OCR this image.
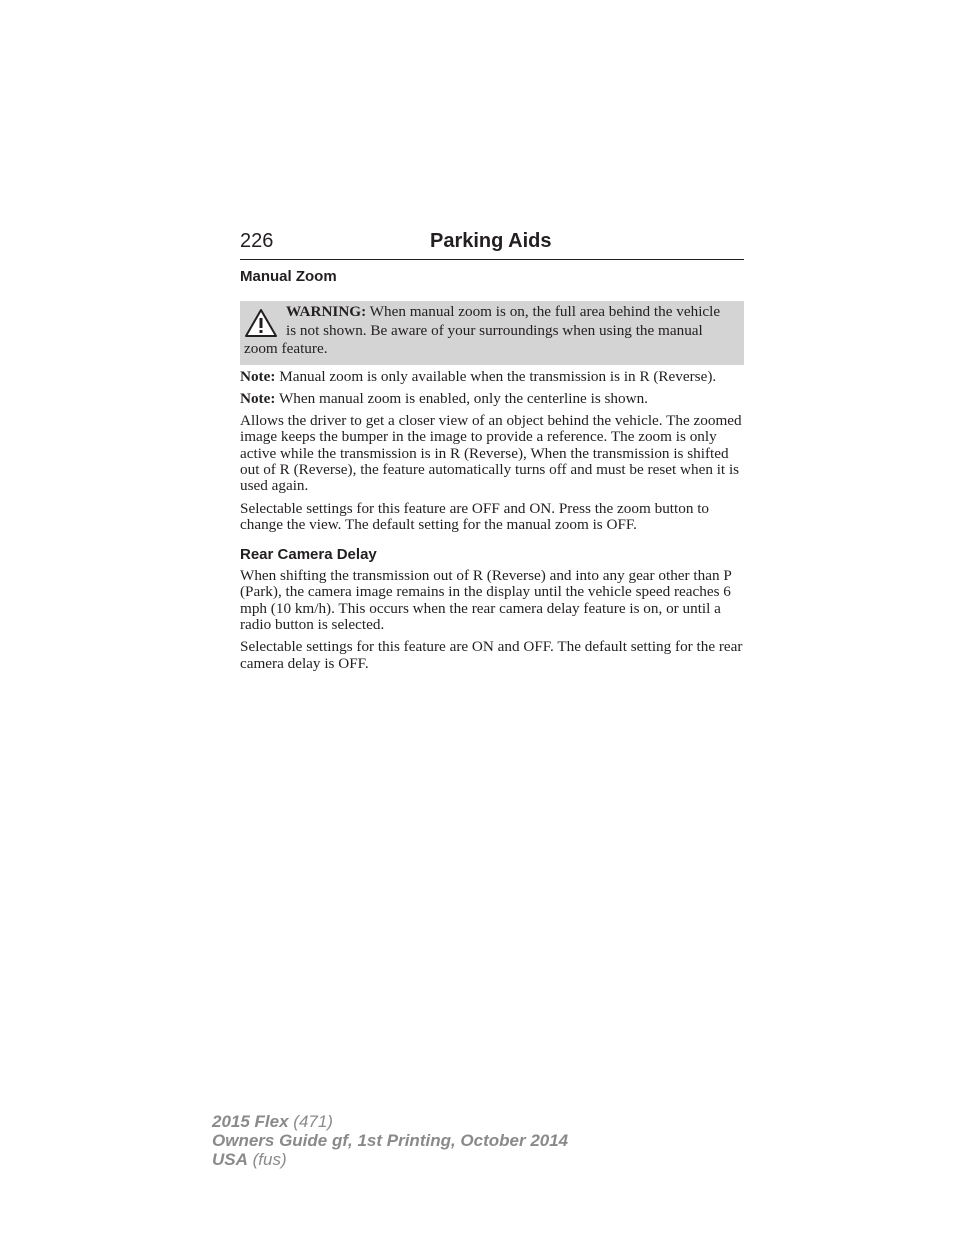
226	Parking Aids
Manual Zoom
WARNING: When manual zoom is on, the full area behind the vehicle is not shown. Be aware of your surroundings when using the manual zoom feature.

Note: Manual zoom is only available when the transmission is in R (Reverse).

Note: When manual zoom is enabled, only the centerline is shown.

Allows the driver to get a closer view of an object behind the vehicle. The zoomed image keeps the bumper in the image to provide a reference. The zoom is only active while the transmission is in R (Reverse), When the transmission is shifted out of R (Reverse), the feature automatically turns off and must be reset when it is used again.

Selectable settings for this feature are OFF and ON. Press the zoom button to change the view. The default setting for the manual zoom is OFF.

Rear Camera Delay

When shifting the transmission out of R (Reverse) and into any gear other than P (Park), the camera image remains in the display until the vehicle speed reaches 6 mph (10 km/h). This occurs when the rear camera delay feature is on, or until a radio button is selected.

Selectable settings for this feature are ON and OFF. The default setting for the rear camera delay is OFF.

2015 Flex (471)
Owners Guide gf, 1st Printing, October 2014
USA (fus)
